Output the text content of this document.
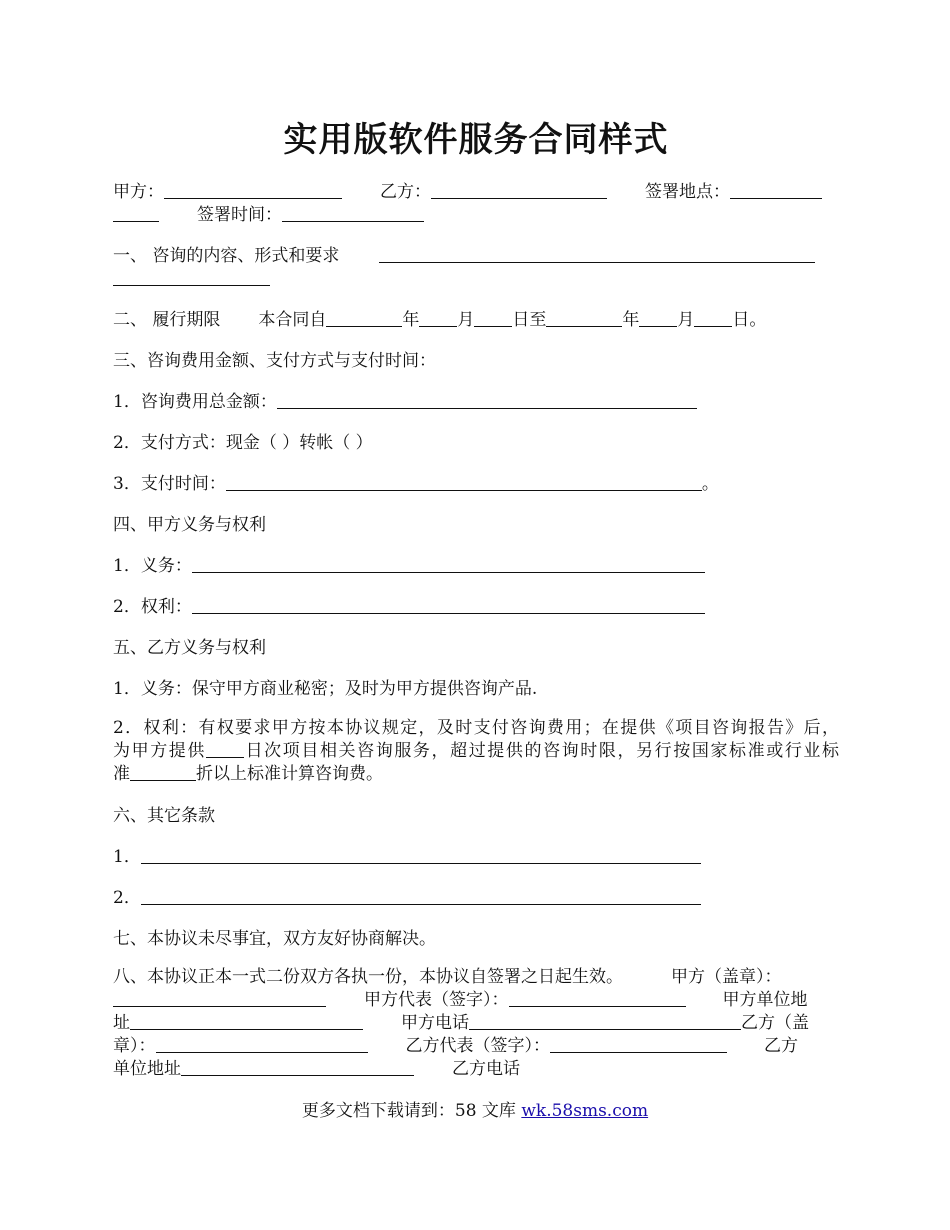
实用版软件服务合同样式
甲方：	乙方：	签署地点：
签署时间：
一、 咨询的内容、形式和要求

二、 履行期限 本合同自	年 月 日至	年 月 日。
三、咨询费用金额、支付方式与支付时间：
1．咨询费用总金额：
2．支付方式：现金（ ）转帐（ ）
3．支付时间：	。
四、甲方义务与权利
1．义务：
2．权利：
五、乙方义务与权利
1．义务：保守甲方商业秘密；及时为甲方提供咨询产品.
2．权利：有权要求甲方按本协议规定，及时支付咨询费用；在提供《项目咨询报告》后，
为甲方提供 日次项目相关咨询服务，超过提供的咨询时限，另行按国家标准或行业标
准	折以上标准计算咨询费。
六、其它条款
1．
2．
七、本协议未尽事宜，双方友好协商解决。
八、本协议正本一式二份双方各执一份，本协议自签署之日起生效。	甲方（盖章）：
甲方代表（签字）：	甲方单位地
址	甲方电话	乙方（盖
章）：	乙方代表（签字）：	乙方
单位地址	乙方电话
更多文档下载请到：58 文库 wk.58sms.com
